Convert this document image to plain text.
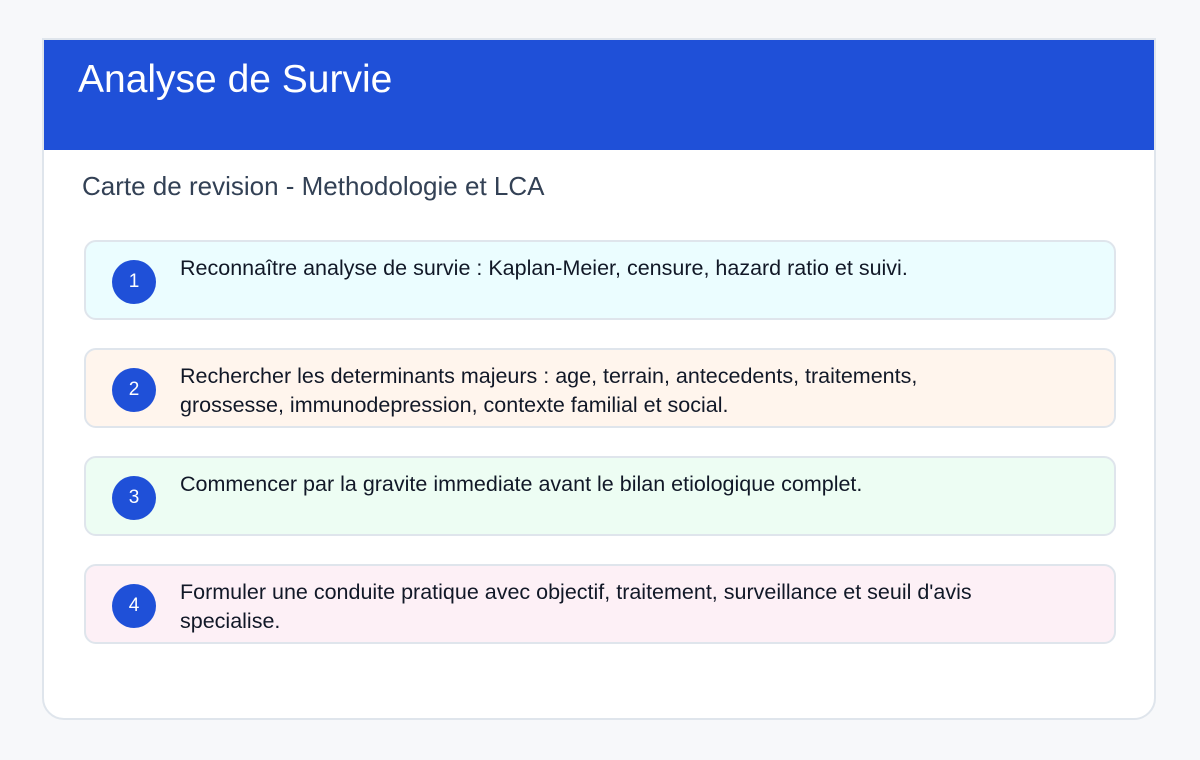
Analyse de Survie
Carte de revision - Methodologie et LCA
1
Reconnaître analyse de survie : Kaplan-Meier, censure, hazard ratio et suivi.
2
Rechercher les determinants majeurs : age, terrain, antecedents, traitements, grossesse, immunodepression, contexte familial et social.
3
Commencer par la gravite immediate avant le bilan etiologique complet.
4
Formuler une conduite pratique avec objectif, traitement, surveillance et seuil d'avis specialise.
